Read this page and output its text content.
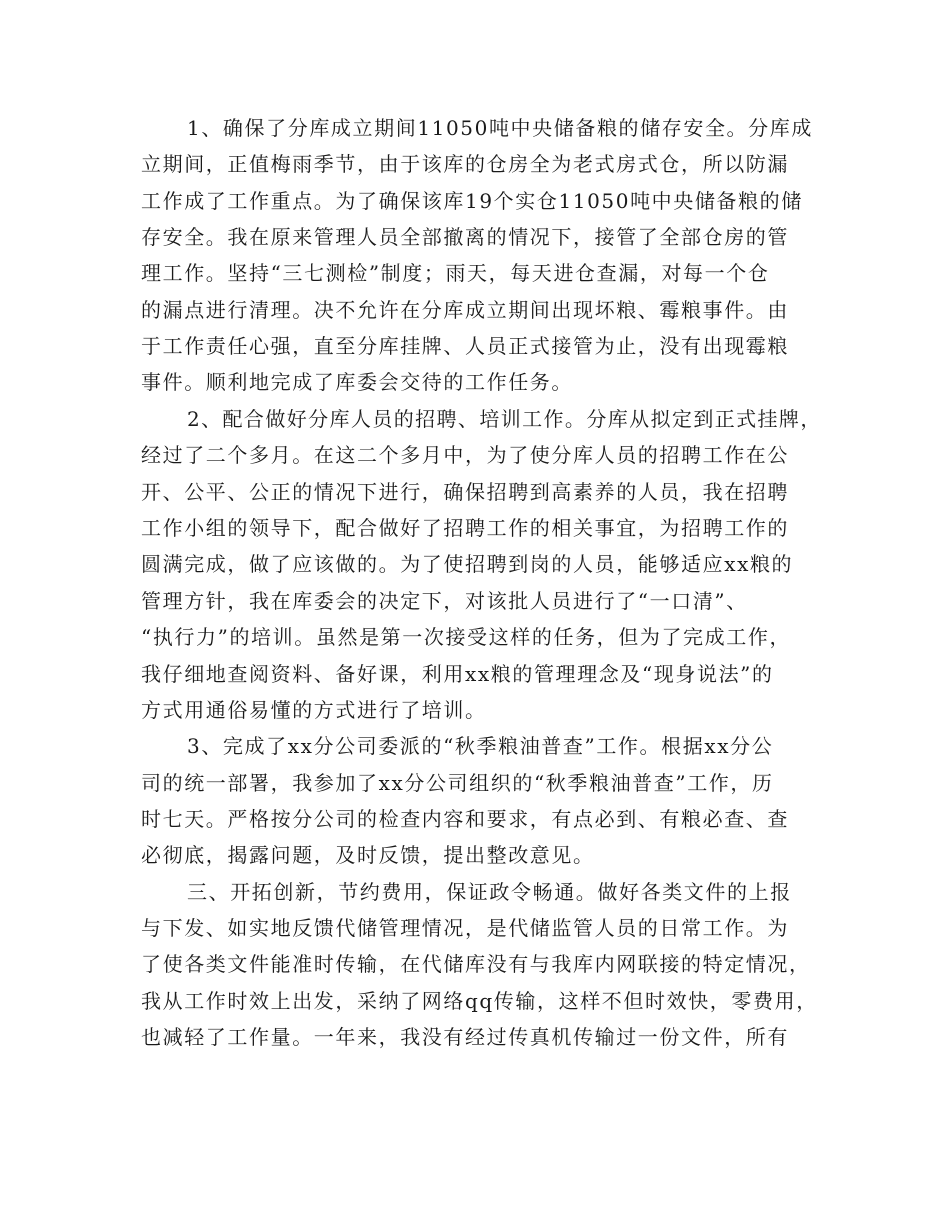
1、确保了分库成立期间11050吨中央储备粮的储存安全。分库成

立期间，正值梅雨季节，由于该库的仓房全为老式房式仓，所以防漏

工作成了工作重点。为了确保该库19个实仓11050吨中央储备粮的储

存安全。我在原来管理人员全部撤离的情况下，接管了全部仓房的管

理工作。坚持“三七测检”制度；雨天，每天进仓查漏，对每一个仓

的漏点进行清理。决不允许在分库成立期间出现坏粮、霉粮事件。由

于工作责任心强，直至分库挂牌、人员正式接管为止，没有出现霉粮

事件。顺利地完成了库委会交待的工作任务。

2、配合做好分库人员的招聘、培训工作。分库从拟定到正式挂牌，

经过了二个多月。在这二个多月中，为了使分库人员的招聘工作在公

开、公平、公正的情况下进行，确保招聘到高素养的人员，我在招聘

工作小组的领导下，配合做好了招聘工作的相关事宜，为招聘工作的

圆满完成，做了应该做的。为了使招聘到岗的人员，能够适应xx粮的

管理方针，我在库委会的决定下，对该批人员进行了“一口清”、

“执行力”的培训。虽然是第一次接受这样的任务，但为了完成工作，

我仔细地查阅资料、备好课，利用xx粮的管理理念及“现身说法”的

方式用通俗易懂的方式进行了培训。

3、完成了xx分公司委派的“秋季粮油普查”工作。根据xx分公

司的统一部署，我参加了xx分公司组织的“秋季粮油普查”工作，历

时七天。严格按分公司的检查内容和要求，有点必到、有粮必查、查

必彻底，揭露问题，及时反馈，提出整改意见。

三、开拓创新，节约费用，保证政令畅通。做好各类文件的上报

与下发、如实地反馈代储管理情况，是代储监管人员的日常工作。为

了使各类文件能准时传输，在代储库没有与我库内网联接的特定情况，

我从工作时效上出发，采纳了网络qq传输，这样不但时效快，零费用，

也减轻了工作量。一年来，我没有经过传真机传输过一份文件，所有
